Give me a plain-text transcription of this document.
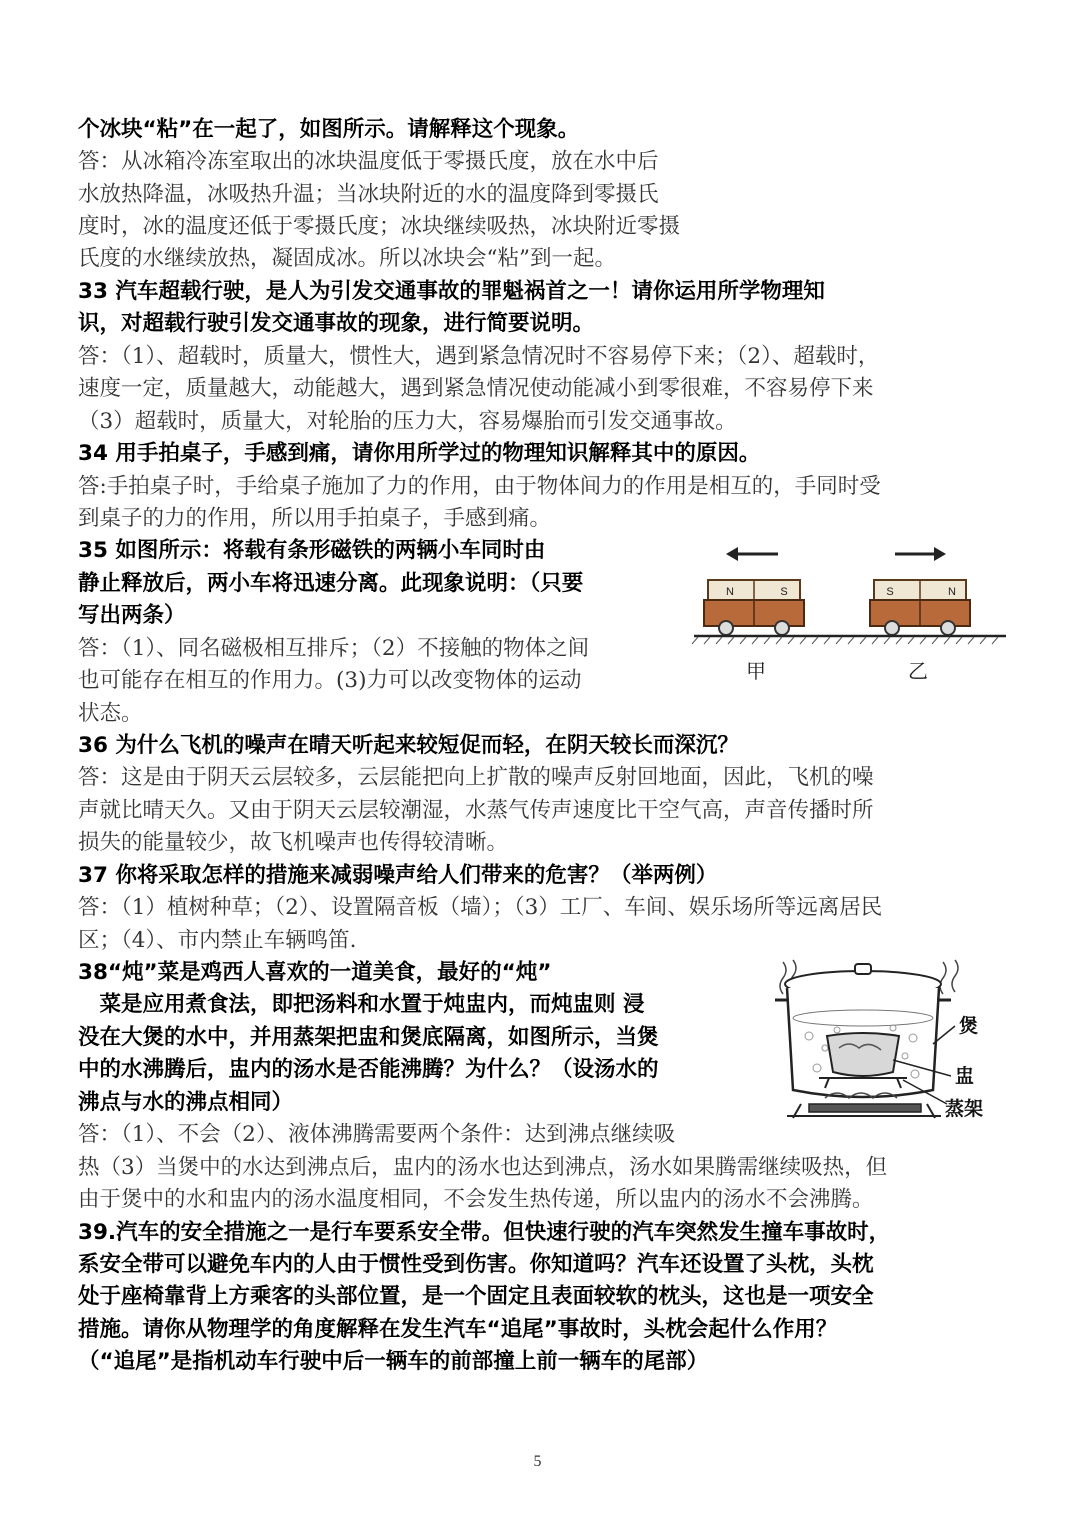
个冰块“粘”在一起了，如图所示。请解释这个现象。
答：从冰箱冷冻室取出的冰块温度低于零摄氏度，放在水中后
水放热降温，冰吸热升温；当冰块附近的水的温度降到零摄氏
度时，冰的温度还低于零摄氏度；冰块继续吸热，冰块附近零摄
氏度的水继续放热，凝固成冰。所以冰块会“粘”到一起。
33 汽车超载行驶，是人为引发交通事故的罪魁祸首之一！请你运用所学物理知
识，对超载行驶引发交通事故的现象，进行简要说明。
答：（1）、超载时，质量大，惯性大，遇到紧急情况时不容易停下来；（2）、超载时，
速度一定，质量越大，动能越大，遇到紧急情况使动能减小到零很难，不容易停下来
（3）超载时，质量大，对轮胎的压力大，容易爆胎而引发交通事故。
34 用手拍桌子，手感到痛，请你用所学过的物理知识解释其中的原因。
答:手拍桌子时，手给桌子施加了力的作用，由于物体间力的作用是相互的，手同时受
到桌子的力的作用，所以用手拍桌子，手感到痛。
35 如图所示：将载有条形磁铁的两辆小车同时由
静止释放后，两小车将迅速分离。此现象说明：（只要
写出两条）
答：（1）、同名磁极相互排斥；（2）不接触的物体之间
也可能存在相互的作用力。(3)力可以改变物体的运动
状态。
36 为什么飞机的噪声在晴天听起来较短促而轻，在阴天较长而深沉？
答：这是由于阴天云层较多，云层能把向上扩散的噪声反射回地面，因此，飞机的噪
声就比晴天久。又由于阴天云层较潮湿，水蒸气传声速度比干空气高，声音传播时所
损失的能量较少，故飞机噪声也传得较清晰。
37 你将采取怎样的措施来减弱噪声给人们带来的危害？（举两例）
答：（1）植树种草；（2）、设置隔音板（墙）；（3）工厂、车间、娱乐场所等远离居民
区；（4）、市内禁止车辆鸣笛.
38“炖”菜是鸡西人喜欢的一道美食，最好的“炖”
　菜是应用煮食法，即把汤料和水置于炖盅内，而炖盅则 浸
没在大煲的水中，并用蒸架把盅和煲底隔离，如图所示，当煲
中的水沸腾后，盅内的汤水是否能沸腾？为什么？（设汤水的
沸点与水的沸点相同）
答：（1）、不会（2）、液体沸腾需要两个条件：达到沸点继续吸
热（3）当煲中的水达到沸点后，盅内的汤水也达到沸点，汤水如果腾需继续吸热，但
由于煲中的水和盅内的汤水温度相同，不会发生热传递，所以盅内的汤水不会沸腾。
39.汽车的安全措施之一是行车要系安全带。但快速行驶的汽车突然发生撞车事故时，
系安全带可以避免车内的人由于惯性受到伤害。你知道吗？汽车还设置了头枕，头枕
处于座椅靠背上方乘客的头部位置，是一个固定且表面较软的枕头，这也是一项安全
措施。请你从物理学的角度解释在发生汽车“追尾”事故时，头枕会起什么作用？
（“追尾”是指机动车行驶中后一辆车的前部撞上前一辆车的尾部）
N	S	S	N
甲	乙
煲
盅
蒸架
5
